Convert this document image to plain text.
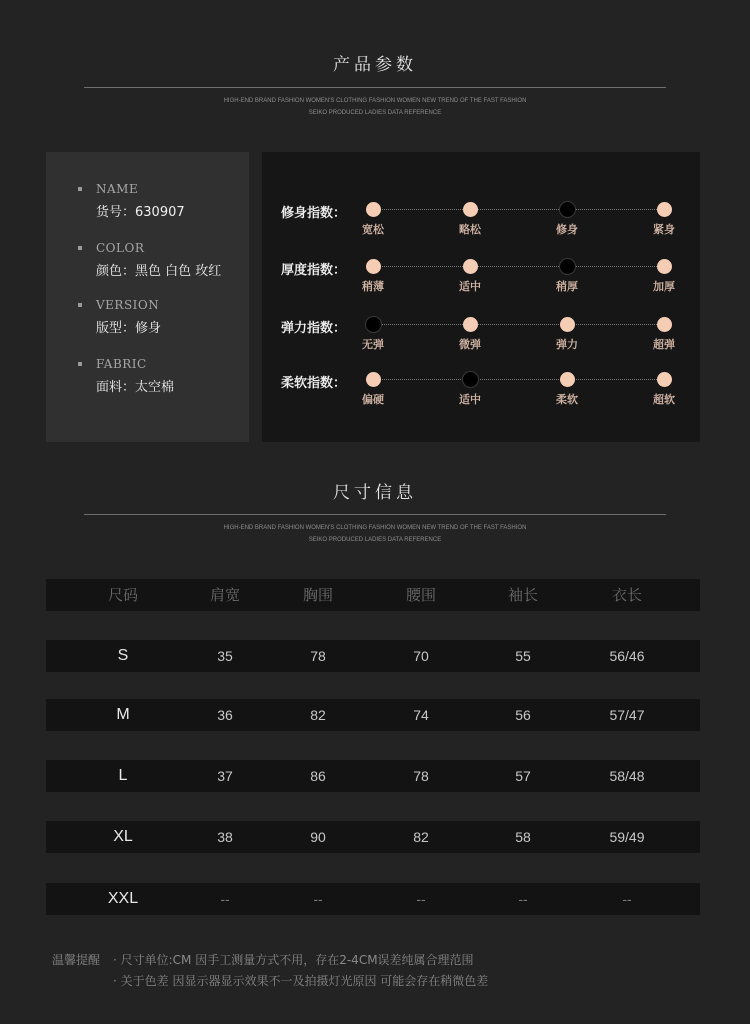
产品参数
HIGH-END BRAND FASHION WOMEN'S CLOTHING FASHION WOMEN NEW TREND OF THE FAST FASHION
SEIKO PRODUCED LADIES DATA REFERENCE
NAME
货号：630907
COLOR
颜色：黑色 白色 玫红
VERSION
版型：修身
FABRIC
面料：太空棉
修身指数：
宽松	略松	修身	紧身
厚度指数：
稍薄	适中	稍厚	加厚
弹力指数：
无弹	微弹	弹力	超弹
柔软指数：
偏硬	适中	柔软	超软
尺寸信息
HIGH-END BRAND FASHION WOMEN'S CLOTHING FASHION WOMEN NEW TREND OF THE FAST FASHION
SEIKO PRODUCED LADIES DATA REFERENCE
尺码	肩宽	胸围	腰围	袖长	衣长
S	35	78	70	55	56/46
M	36	82	74	56	57/47
L	37	86	78	57	58/48
XL	38	90	82	58	59/49
XXL	--	--	--	--	--
温馨提醒 · 尺寸单位:CM 因手工测量方式不用，存在2-4CM误差纯属合理范围
· 关于色差 因显示器显示效果不一及拍摄灯光原因 可能会存在稍微色差
